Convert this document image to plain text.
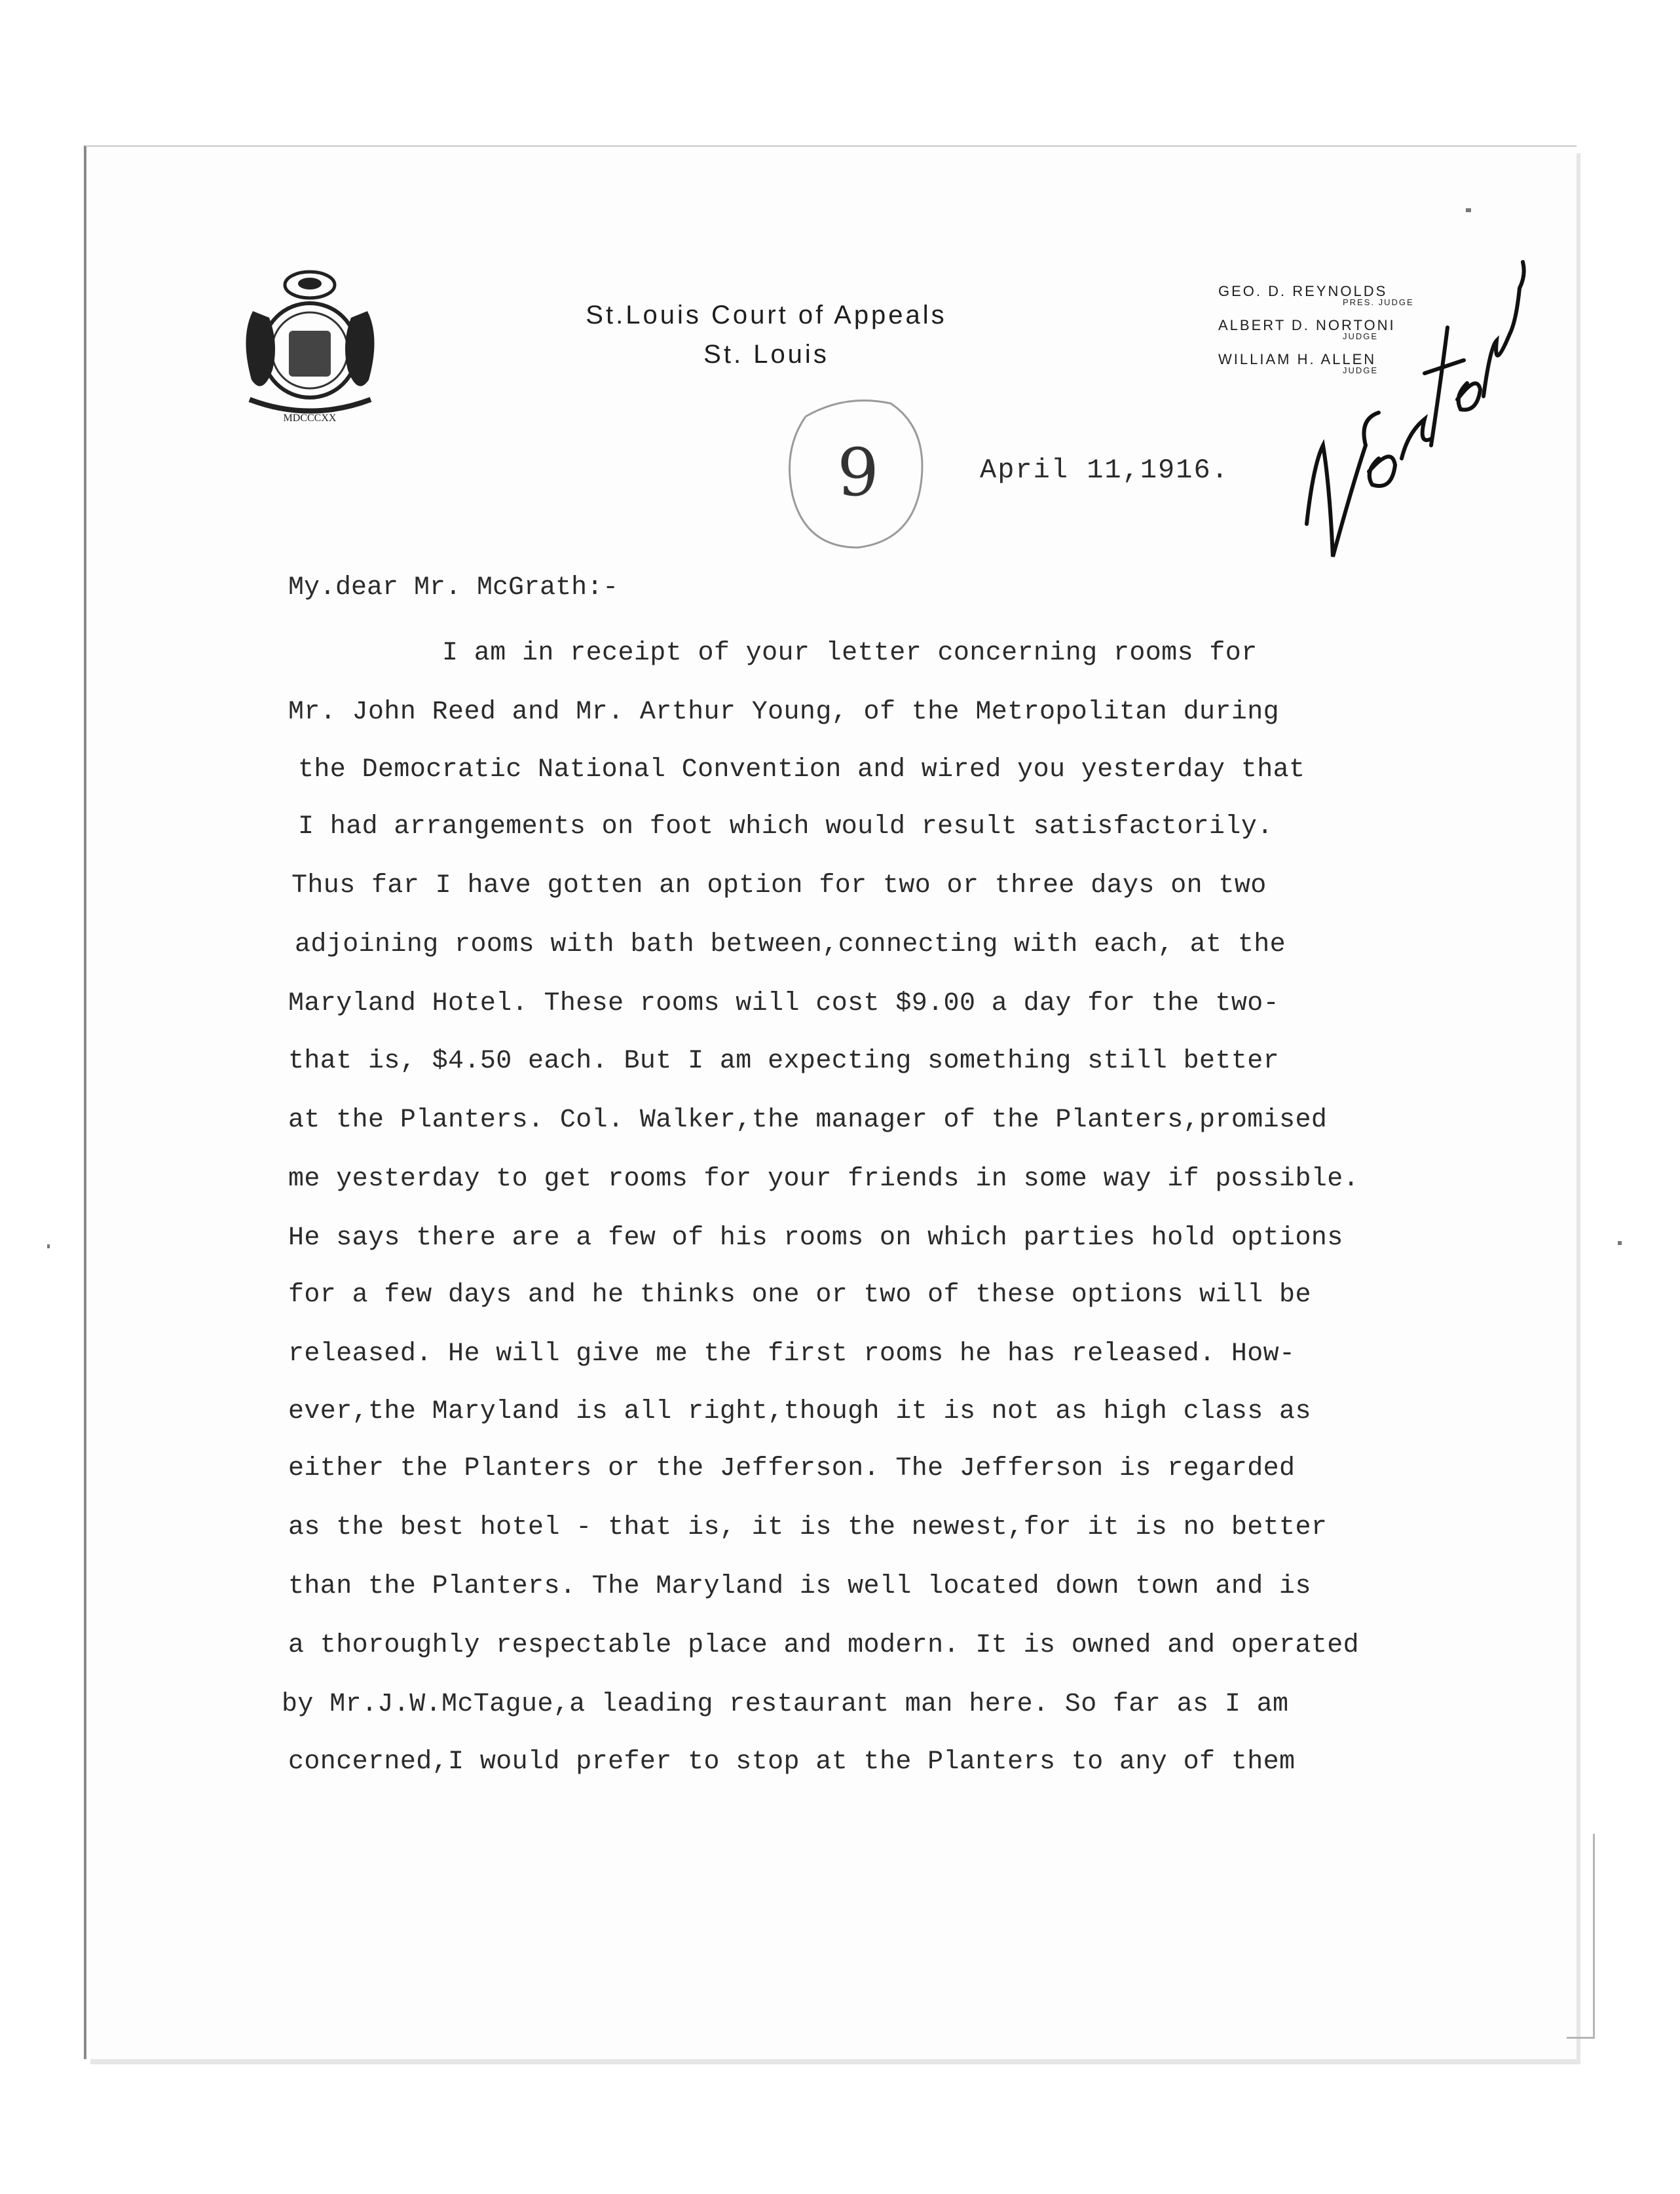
MDCCCXX
St.Louis Court of Appeals
St. Louis
GEO. D. REYNOLDS
PRES. JUDGE
ALBERT D. NORTONI
JUDGE
WILLIAM H. ALLEN
JUDGE
9	April 11,1916.
My.dear Mr. McGrath:-
I am in receipt of your letter concerning rooms for
Mr. John Reed and Mr. Arthur Young, of the Metropolitan during
the Democratic National Convention and wired you yesterday that
I had arrangements on foot which would result satisfactorily.
Thus far I have gotten an option for two or three days on two
adjoining rooms with bath between,connecting with each, at the
Maryland Hotel. These rooms will cost $9.00 a day for the two-
that is, $4.50 each. But I am expecting something still better
at the Planters. Col. Walker,the manager of the Planters,promised
me yesterday to get rooms for your friends in some way if possible.
He says there are a few of his rooms on which parties hold options
for a few days and he thinks one or two of these options will be
released. He will give me the first rooms he has released. How-
ever,the Maryland is all right,though it is not as high class as
either the Planters or the Jefferson. The Jefferson is regarded
as the best hotel - that is, it is the newest,for it is no better
than the Planters. The Maryland is well located down town and is
a thoroughly respectable place and modern. It is owned and operated
by Mr.J.W.McTague,a leading restaurant man here. So far as I am
concerned,I would prefer to stop at the Planters to any of them
